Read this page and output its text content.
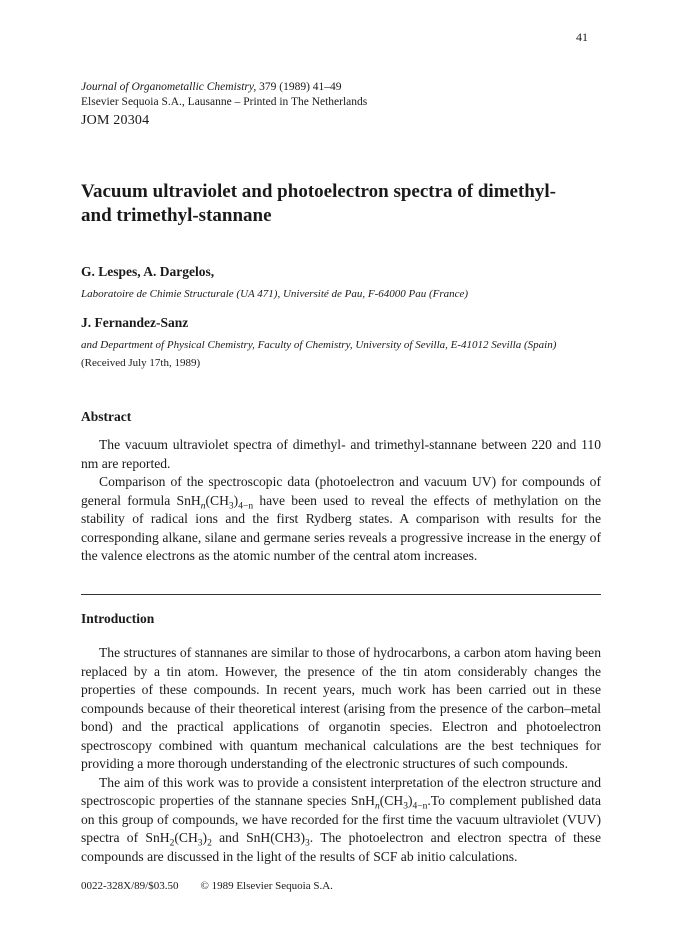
41
Journal of Organometallic Chemistry, 379 (1989) 41–49
Elsevier Sequoia S.A., Lausanne – Printed in The Netherlands
JOM 20304
Vacuum ultraviolet and photoelectron spectra of dimethyl-
and trimethyl-stannane
G. Lespes, A. Dargelos,
Laboratoire de Chimie Structurale (UA 471), Université de Pau, F-64000 Pau (France)
J. Fernandez-Sanz
and Department of Physical Chemistry, Faculty of Chemistry, University of Sevilla, E-41012 Sevilla (Spain)
(Received July 17th, 1989)
Abstract

The vacuum ultraviolet spectra of dimethyl- and trimethyl-stannane between 220 and 110 nm are reported.

Comparison of the spectroscopic data (photoelectron and vacuum UV) for compounds of general formula $SnH_n(CH_3)_{4-n}$ have been used to reveal the effects of methylation on the stability of radical ions and the first Rydberg states. A comparison with results for the corresponding alkane, silane and germane series reveals a progressive increase in the energy of the valence electrons as the atomic number of the central atom increases.

Introduction

The structures of stannanes are similar to those of hydrocarbons, a carbon atom having been replaced by a tin atom. However, the presence of the tin atom considerably changes the properties of these compounds. In recent years, much work has been carried out in these compounds because of their theoretical interest (arising from the presence of the carbon–metal bond) and the practical applications of organotin species. Electron and photoelectron spectroscopy combined with quantum mechanical calculations are the best techniques for providing a more thorough understanding of the electronic structures of such compounds.

The aim of this work was to provide a consistent interpretation of the electron structure and spectroscopic properties of the stannane species $SnH_n(CH_3)_{4-n}.To$ complement published data on this group of compounds, we have recorded for the first time the vacuum ultraviolet (VUV) spectra of $SnH_2(CH_3)_2$ and $SnH(CH3)_3$. The photoelectron and electron spectra of these compounds are discussed in the light of the results of SCF ab initio calculations.

0022-328X/89/$03.50 © 1989 Elsevier Sequoia S.A.
